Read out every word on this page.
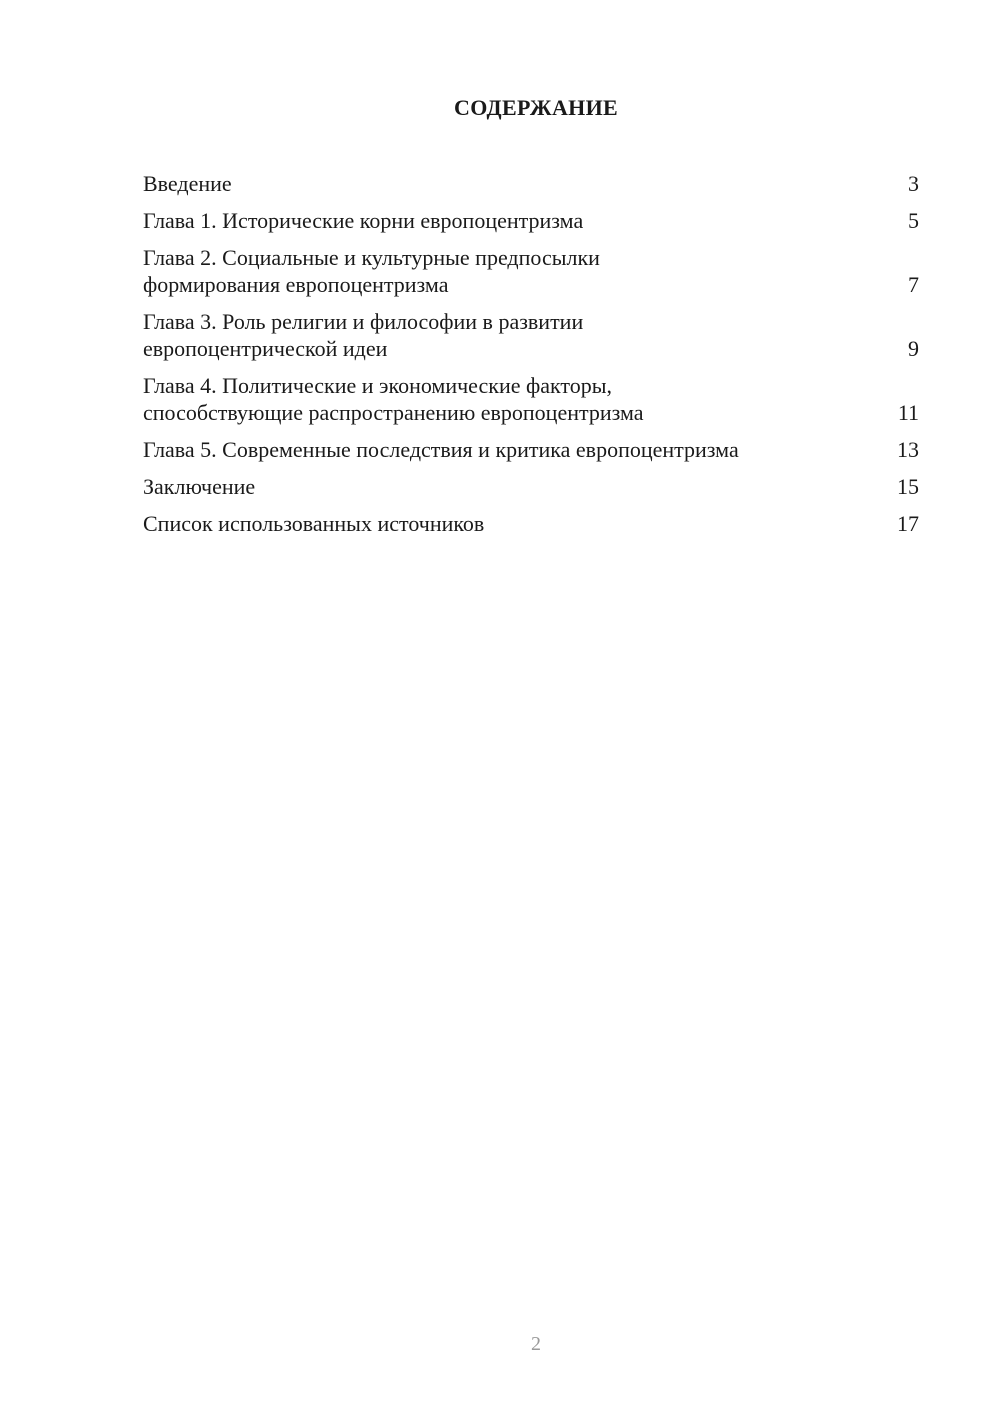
СОДЕРЖАНИЕ
Введение	3
Глава 1. Исторические корни европоцентризма	5
Глава 2. Социальные и культурные предпосылки
формирования европоцентризма	7
Глава 3. Роль религии и философии в развитии
европоцентрической идеи	9
Глава 4. Политические и экономические факторы,
способствующие распространению европоцентризма	11
Глава 5. Современные последствия и критика европоцентризма	13
Заключение	15
Список использованных источников	17
2
